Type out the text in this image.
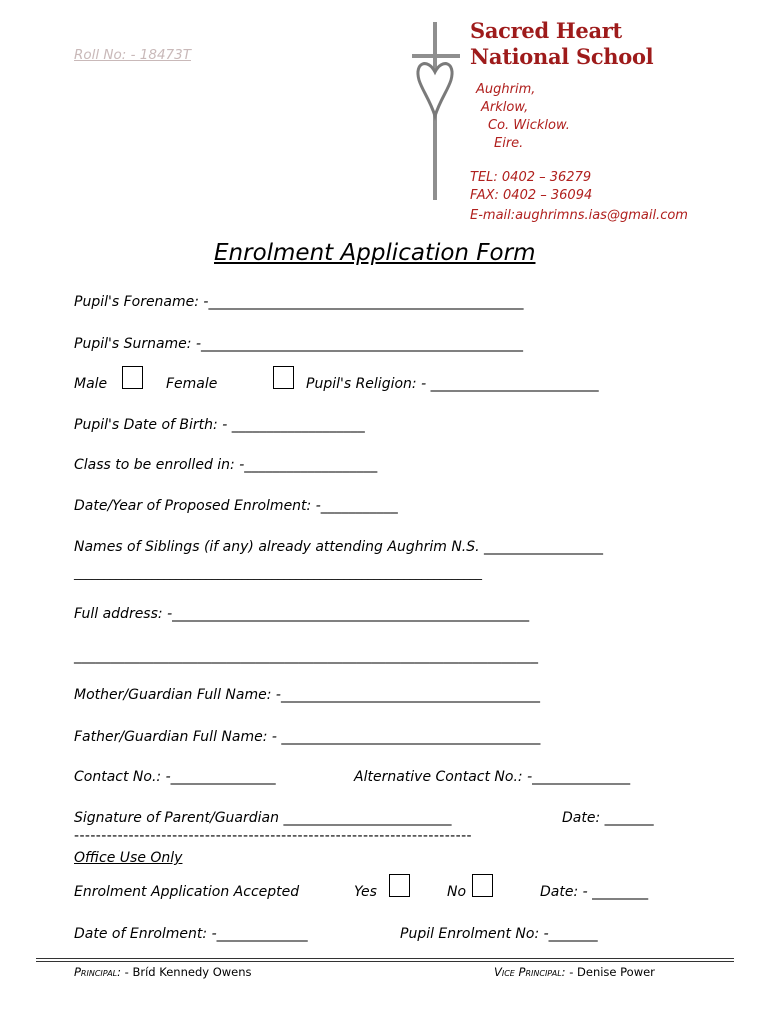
Roll No: - 18473T
Sacred Heart
National School
Aughrim,
Arklow,
Co. Wicklow.
Eire.
TEL: 0402 – 36279
FAX: 0402 – 36094
E-mail:aughrimns.ias@gmail.com
Enrolment Application Form
Pupil's Forename: -_____________________________________________
Pupil's Surname: -______________________________________________
Male	Female	Pupil's Religion: - ________________________
Pupil's Date of Birth: - ___________________
Class to be enrolled in: -___________________
Date/Year of Proposed Enrolment: -___________
Names of Siblings (if any) already attending Aughrim N.S. _________________
____________________________________________________________________
Full address: -___________________________________________________
________________________________________________________________
Mother/Guardian Full Name: -_____________________________________
Father/Guardian Full Name: - _____________________________________
Contact No.: -_______________	Alternative Contact No.: -______________
Signature of Parent/Guardian ________________________	Date: _______
-------------------------------------------------------------------------
Office Use Only
Enrolment Application Accepted	Yes	No	Date: - ________
Date of Enrolment: -_____________	Pupil Enrolment No: -_______
Principal: - Bríd Kennedy Owens	Vice Principal: - Denise Power
